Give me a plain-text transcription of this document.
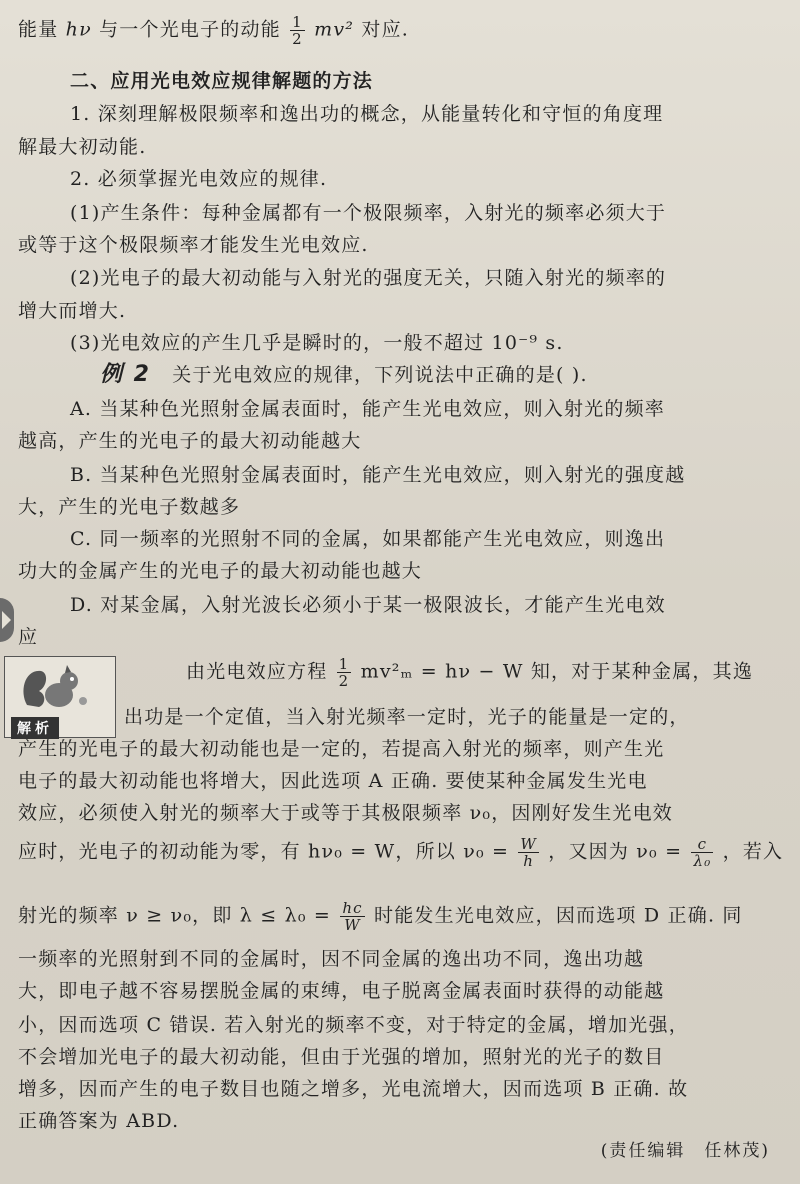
能量 hν 与一个光电子的动能 $\frac{1}{2} mv^2$ 对应.
二、应用光电效应规律解题的方法
1. 深刻理解极限频率和逸出功的概念，从能量转化和守恒的角度理
解最大初动能.
2. 必须掌握光电效应的规律.
(1)产生条件：每种金属都有一个极限频率，入射光的频率必须大于
或等于这个极限频率才能发生光电效应.
(2)光电子的最大初动能与入射光的强度无关，只随入射光的频率的
增大而增大.
(3)光电效应的产生几乎是瞬时的，一般不超过 10⁻⁹ s.
例 2 关于光电效应的规律，下列说法中正确的是( ).
A. 当某种色光照射金属表面时，能产生光电效应，则入射光的频率
越高，产生的光电子的最大初动能越大
B. 当某种色光照射金属表面时，能产生光电效应，则入射光的强度越
大，产生的光电子数越多
C. 同一频率的光照射不同的金属，如果都能产生光电效应，则逸出
功大的金属产生的光电子的最大初动能也越大
D. 对某金属，入射光波长必须小于某一极限波长，才能产生光电效
应
解析
由光电效应方程 $\frac{1}{2} mv^2_m = h\nu - W$ 知，对于某种金属，其逸
出功是一个定值，当入射光频率一定时，光子的能量是一定的，
产生的光电子的最大初动能也是一定的，若提高入射光的频率，则产生光
电子的最大初动能也将增大，因此选项 A 正确. 要使某种金属发生光电
效应，必须使入射光的频率大于或等于其极限频率 ν₀，因刚好发生光电效
应时，光电子的初动能为零，有 hν₀ = W，所以 $\nu_0 = \frac{W}{h}$ ，又因为 $\nu_0 = \frac{c}{\text{λ₀}}$ ，若入
射光的频率 ν ≥ ν₀，即 $\lambda \le \lambda_0 = \frac{hc}{W}$ 时能发生光电效应，因而选项 D 正确. 同
一频率的光照射到不同的金属时，因不同金属的逸出功不同，逸出功越
大，即电子越不容易摆脱金属的束缚，电子脱离金属表面时获得的动能越
小，因而选项 C 错误. 若入射光的频率不变，对于特定的金属，增加光强，
不会增加光电子的最大初动能，但由于光强的增加，照射光的光子的数目
增多，因而产生的电子数目也随之增多，光电流增大，因而选项 B 正确. 故
正确答案为 ABD.
(责任编辑　任林茂)
